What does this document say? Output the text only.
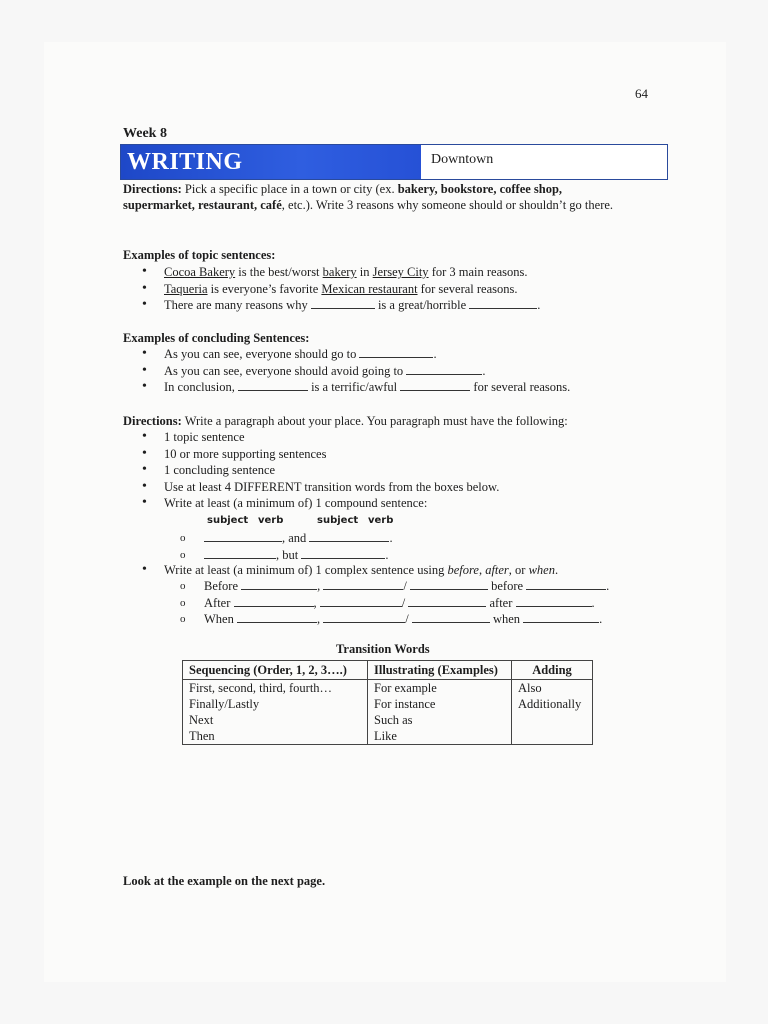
64
Week 8
WRITING	Downtown
Directions: Pick a specific place in a town or city (ex. bakery, bookstore, coffee shop, supermarket, restaurant, café, etc.). Write 3 reasons why someone should or shouldn’t go there.
Examples of topic sentences:
• Cocoa Bakery is the best/worst bakery in Jersey City for 3 main reasons.
• Taqueria is everyone’s favorite Mexican restaurant for several reasons.
• There are many reasons why	is a great/horrible	.
Examples of concluding Sentences:
• As you can see, everyone should go to	.
• As you can see, everyone should avoid going to	.
• In conclusion,	is a terrific/awful	for several reasons.
Directions: Write a paragraph about your place. You paragraph must have the following:
• 1 topic sentence
• 10 or more supporting sentences
• 1 concluding sentence
• Use at least 4 DIFFERENT transition words from the boxes below.
• Write at least (a minimum of) 1 compound sentence:
subject verb	subject verb
o , and	.
o , but	.
• Write at least (a minimum of) 1 complex sentence using before, after, or when.
o Before	,	/	before	.
o After	,	/	after	.
o When	,	/	when	.
Transition Words
Sequencing (Order, 1, 2, 3….)	Illustrating (Examples)	Adding
First, second, third, fourth…	For example	Also
Finally/Lastly	For instance	Additionally
Next	Such as	
Then	Like	
Look at the example on the next page.
